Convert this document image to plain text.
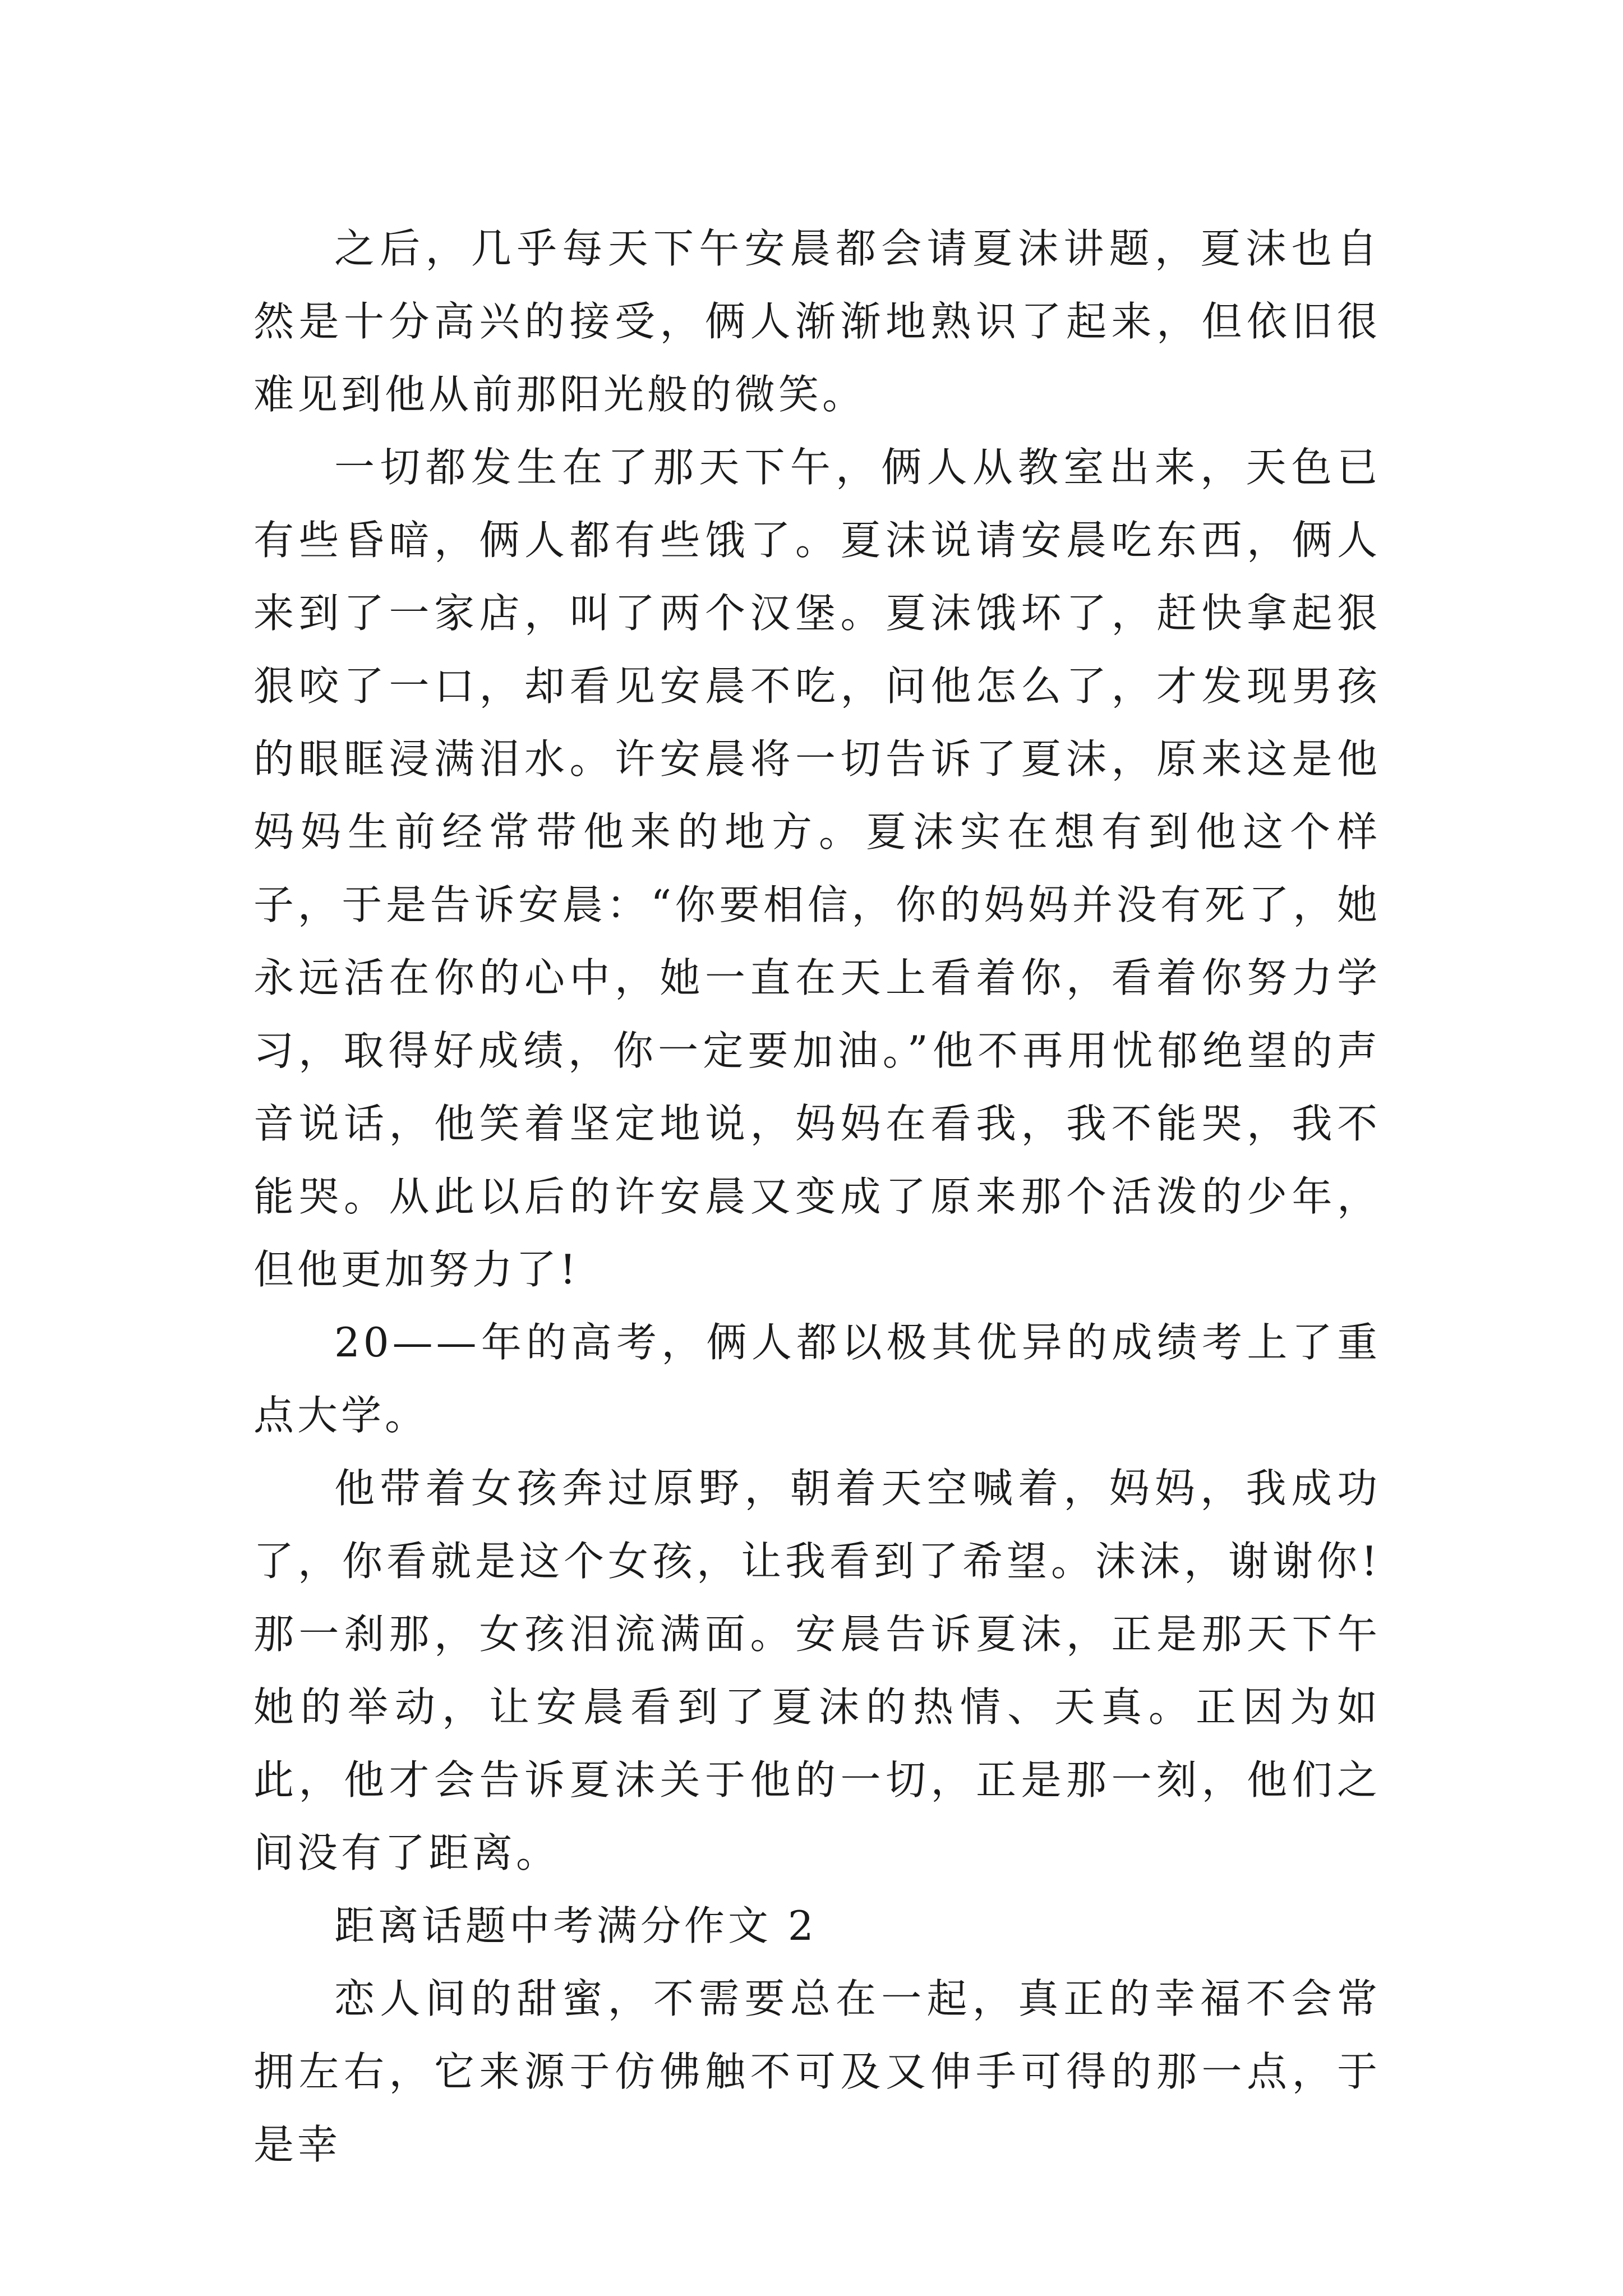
之后，几乎每天下午安晨都会请夏沫讲题，夏沫也自然是十分高兴的接受，俩人渐渐地熟识了起来，但依旧很难见到他从前那阳光般的微笑。

一切都发生在了那天下午，俩人从教室出来，天色已有些昏暗，俩人都有些饿了。夏沫说请安晨吃东西，俩人来到了一家店，叫了两个汉堡。夏沫饿坏了，赶快拿起狠狠咬了一口，却看见安晨不吃，问他怎么了，才发现男孩的眼眶浸满泪水。许安晨将一切告诉了夏沫，原来这是他妈妈生前经常带他来的地方。夏沫实在想有到他这个样子，于是告诉安晨：“你要相信，你的妈妈并没有死了，她永远活在你的心中，她一直在天上看着你，看着你努力学习，取得好成绩，你一定要加油。”他不再用忧郁绝望的声音说话，他笑着坚定地说，妈妈在看我，我不能哭，我不能哭。从此以后的许安晨又变成了原来那个活泼的少年，但他更加努力了!

20——年的高考，俩人都以极其优异的成绩考上了重点大学。

他带着女孩奔过原野，朝着天空喊着，妈妈，我成功了，你看就是这个女孩，让我看到了希望。沫沫，谢谢你!那一刹那，女孩泪流满面。安晨告诉夏沫，正是那天下午她的举动，让安晨看到了夏沫的热情、天真。正因为如此，他才会告诉夏沫关于他的一切，正是那一刻，他们之间没有了距离。

距离话题中考满分作文 2

恋人间的甜蜜，不需要总在一起，真正的幸福不会常拥左右，它来源于仿佛触不可及又伸手可得的那一点，于是幸
